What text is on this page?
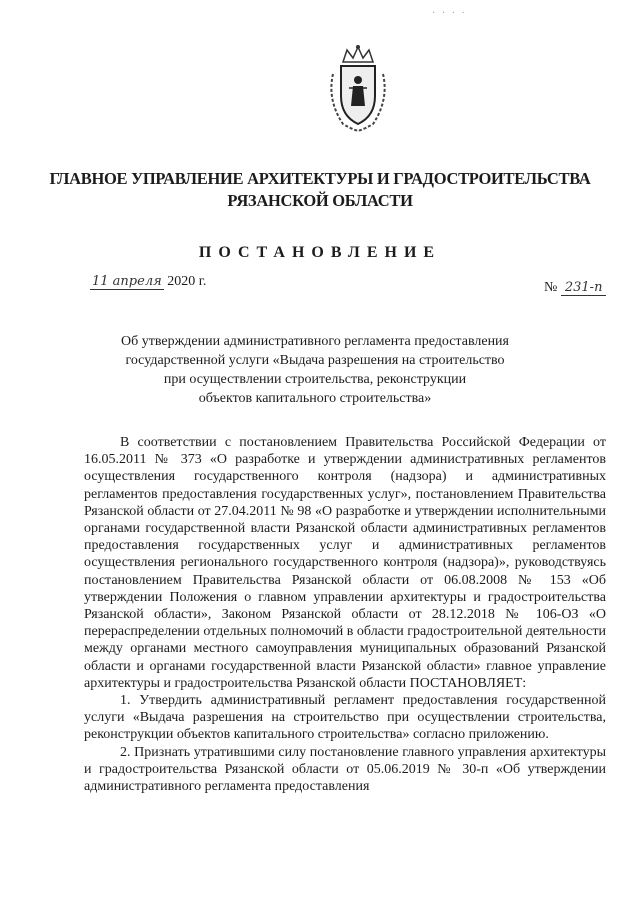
· · · ·
ГЛАВНОЕ УПРАВЛЕНИЕ АРХИТЕКТУРЫ И ГРАДОСТРОИТЕЛЬСТВА
РЯЗАНСКОЙ ОБЛАСТИ
ПОСТАНОВЛЕНИЕ
11 апреля 2020 г.	№ 231-п
Об утверждении административного регламента предоставления
государственной услуги «Выдача разрешения на строительство
при осуществлении строительства, реконструкции
объектов капитального строительства»

В соответствии с постановлением Правительства Российской Федерации от 16.05.2011 № 373 «О разработке и утверждении административных регламентов осуществления государственного контроля (надзора) и административных регламентов предоставления государственных услуг», постановлением Правительства Рязанской области от 27.04.2011 № 98 «О разработке и утверждении исполнительными органами государственной власти Рязанской области административных регламентов предоставления государственных услуг и административных регламентов осуществления регионального государственного контроля (надзора)», руководствуясь постановлением Правительства Рязанской области от 06.08.2008 № 153 «Об утверждении Положения о главном управлении архитектуры и градостроительства Рязанской области», Законом Рязанской области от 28.12.2018 № 106-ОЗ «О перераспределении отдельных полномочий в области градостроительной деятельности между органами местного самоуправления муниципальных образований Рязанской области и органами государственной власти Рязанской области» главное управление архитектуры и градостроительства Рязанской области ПОСТАНОВЛЯЕТ:

1. Утвердить административный регламент предоставления государственной услуги «Выдача разрешения на строительство при осуществлении строительства, реконструкции объектов капитального строительства» согласно приложению.

2. Признать утратившими силу постановление главного управления архитектуры и градостроительства Рязанской области от 05.06.2019 № 30-п «Об утверждении административного регламента предоставления
